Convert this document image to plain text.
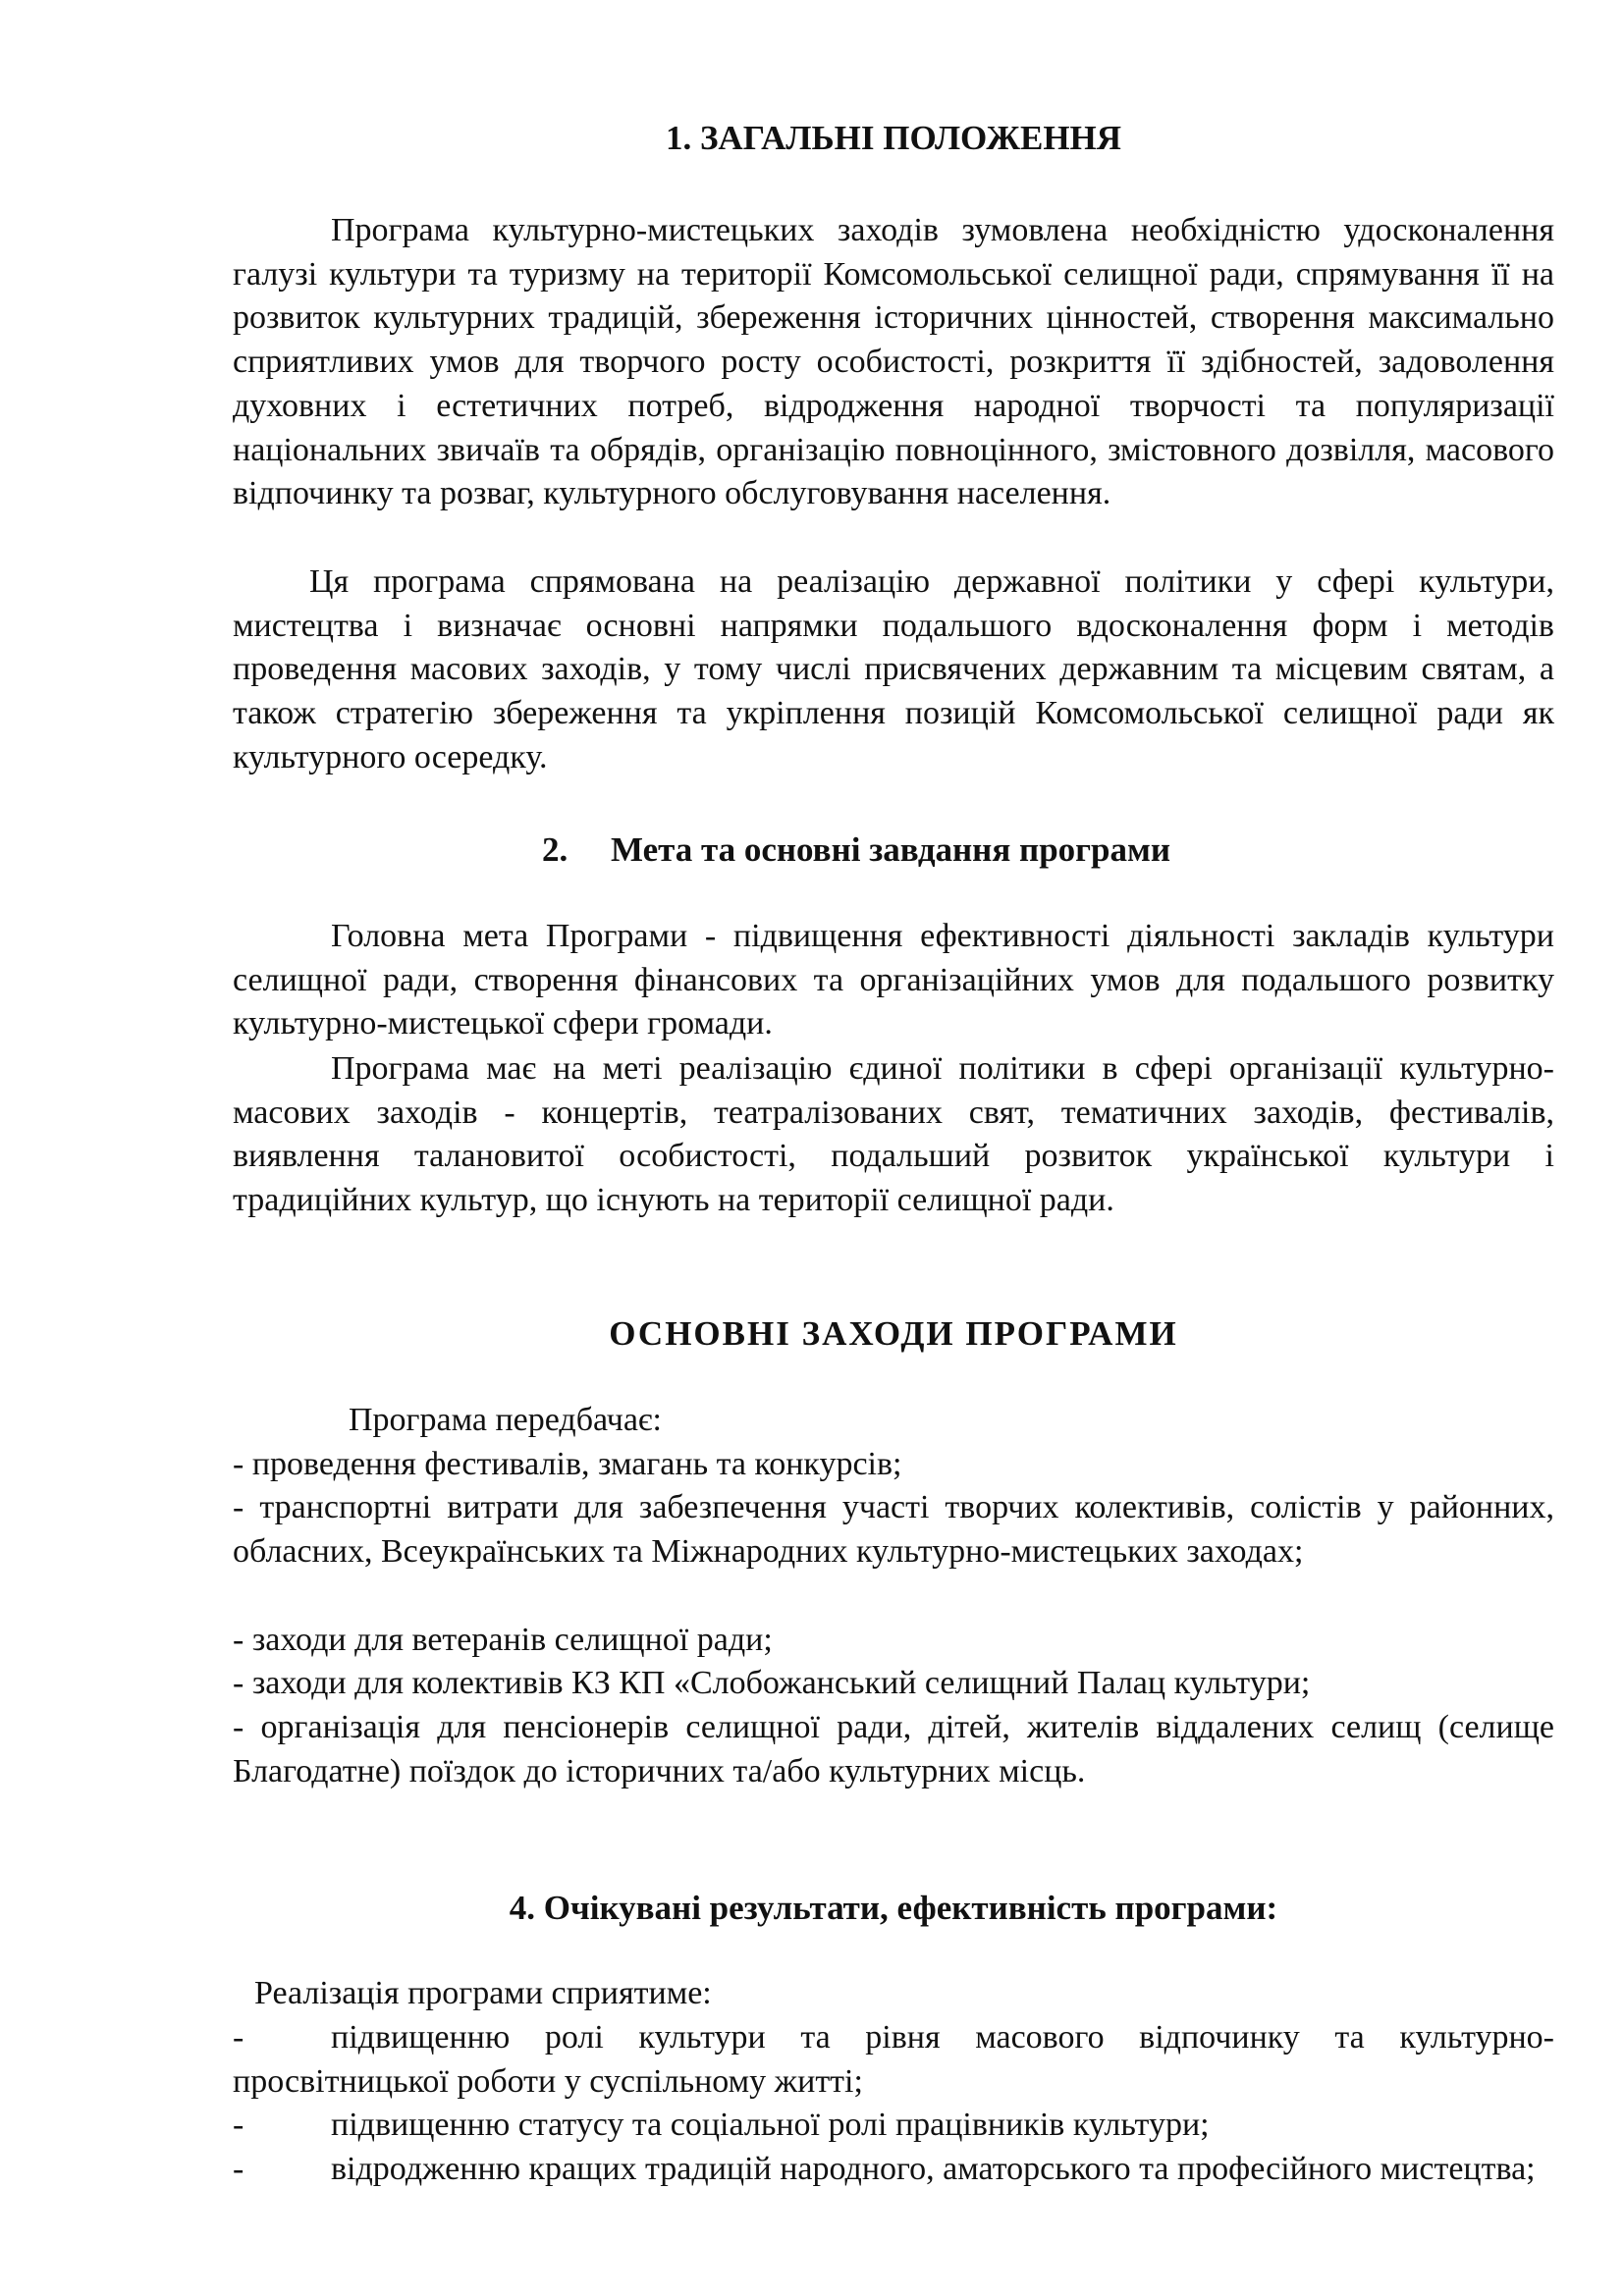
1. ЗАГАЛЬНІ ПОЛОЖЕННЯ

Програма культурно-мистецьких заходів зумовлена необхідністю удосконалення галузі культури та туризму на території Комсомольської селищної ради, спрямування її на розвиток культурних традицій, збереження історичних цінностей, створення максимально сприятливих умов для творчого росту особистості, розкриття її здібностей, задоволення духовних і естетичних потреб, відродження народної творчості та популяризації національних звичаїв та обрядів, організацію повноцінного, змістовного дозвілля, масового відпочинку та розваг, культурного обслуговування населення.

Ця програма спрямована на реалізацію державної політики у сфері культури, мистецтва і визначає основні напрямки подальшого вдосконалення форм і методів проведення масових заходів, у тому числі присвячених державним та місцевим святам, а також стратегію збереження та укріплення позицій Комсомольської селищної ради як культурного осередку.

2. Мета та основні завдання програми

Головна мета Програми - підвищення ефективності діяльності закладів культури селищної ради, створення фінансових та організаційних умов для подальшого розвитку культурно-мистецької сфери громади.

Програма має на меті реалізацію єдиної політики в сфері організації культурно-масових заходів - концертів, театралізованих свят, тематичних заходів, фестивалів, виявлення талановитої особистості, подальший розвиток української культури і традиційних культур, що існують на території селищної ради.

ОСНОВНІ ЗАХОДИ ПРОГРАМИ

Програма передбачає:

- проведення фестивалів, змагань та конкурсів;

- транспортні витрати для забезпечення участі творчих колективів, солістів у районних, обласних, Всеукраїнських та Міжнародних культурно-мистецьких заходах;

- заходи для ветеранів селищної ради;

- заходи для колективів КЗ КП «Слобожанський селищний Палац культури;

- організація для пенсіонерів селищної ради, дітей, жителів віддалених селищ (селище Благодатне) поїздок до історичних та/або культурних місць.

4. Очікувані результати, ефективність програми:

Реалізація програми сприятиме:

-	підвищенню ролі культури та рівня масового відпочинку та культурно-просвітницької роботи у суспільному житті;

-	підвищенню статусу та соціальної ролі працівників культури;

-	відродженню кращих традицій народного, аматорського та професійного мистецтва;
